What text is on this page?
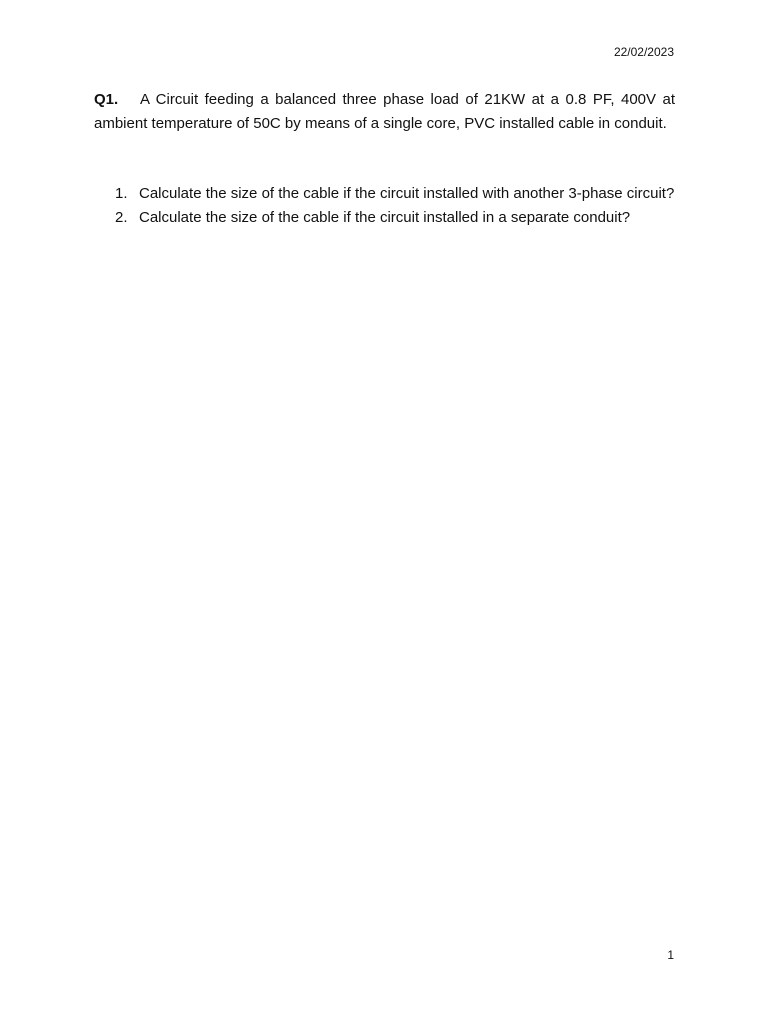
22/02/2023
Q1. A Circuit feeding a balanced three phase load of 21KW at a 0.8 PF, 400V at ambient temperature of 50C by means of a single core, PVC installed cable in conduit.
1. Calculate the size of the cable if the circuit installed with another 3-phase circuit?
2. Calculate the size of the cable if the circuit installed in a separate conduit?
1
